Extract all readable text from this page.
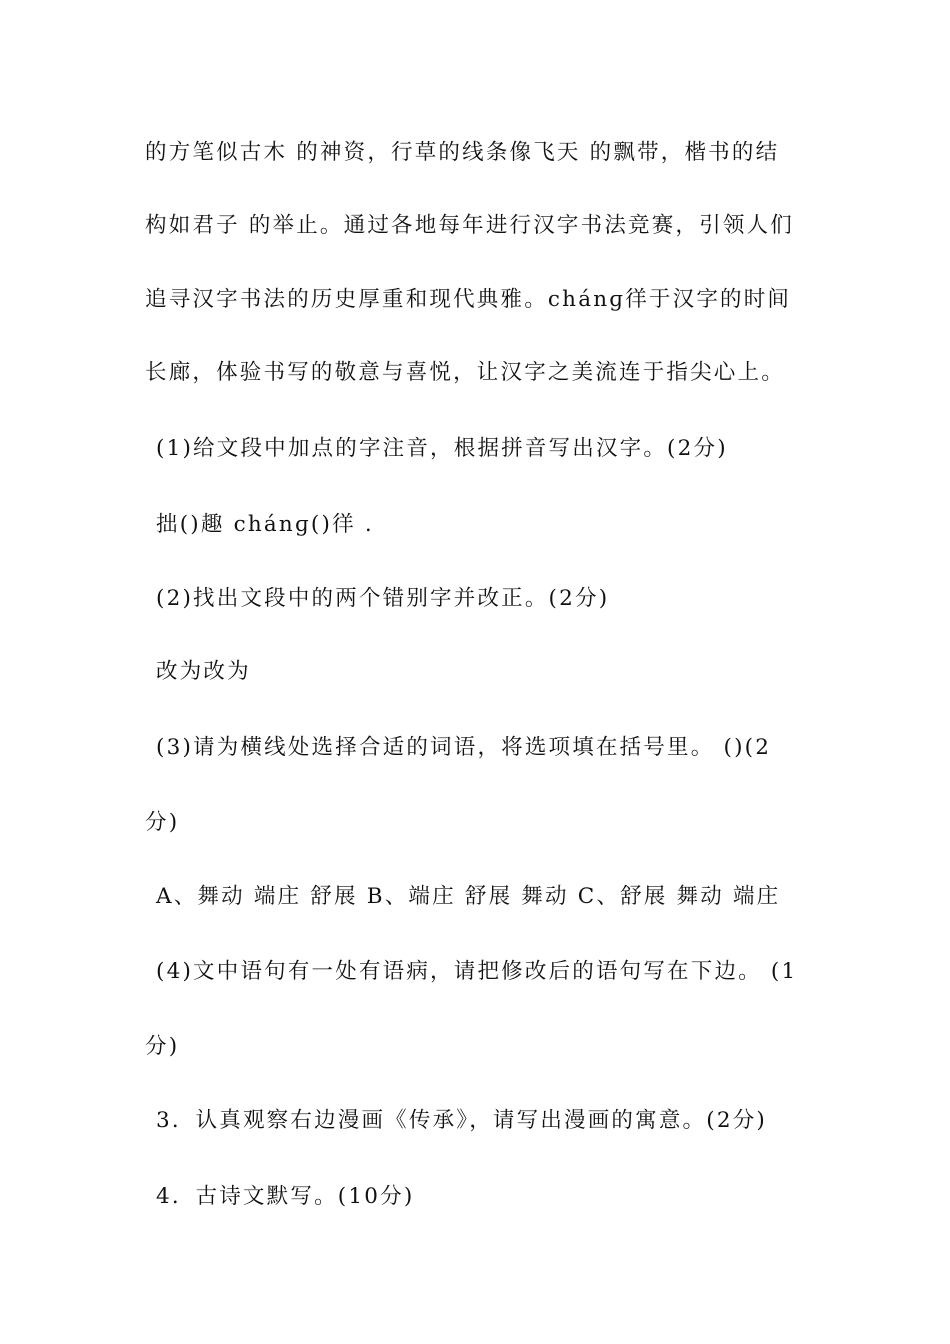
的方笔似古木 的神资，行草的线条像飞天 的飘带，楷书的结
构如君子 的举止。通过各地每年进行汉字书法竞赛，引领人们
追寻汉字书法的历史厚重和现代典雅。chánɡ徉于汉字的时间
长廊，体验书写的敬意与喜悦，让汉字之美流连于指尖心上。
(1)给文段中加点的字注音，根据拼音写出汉字。(2分)
拙()趣 chánɡ()徉 .
(2)找出文段中的两个错别字并改正。(2分)
改为改为
(3)请为横线处选择合适的词语，将选项填在括号里。 ()(2
分)
A、舞动 端庄 舒展 B、端庄 舒展 舞动 C、舒展 舞动 端庄
(4)文中语句有一处有语病，请把修改后的语句写在下边。 (1
分)
3．认真观察右边漫画《传承》，请写出漫画的寓意。(2分)
4．古诗文默写。(10分)
